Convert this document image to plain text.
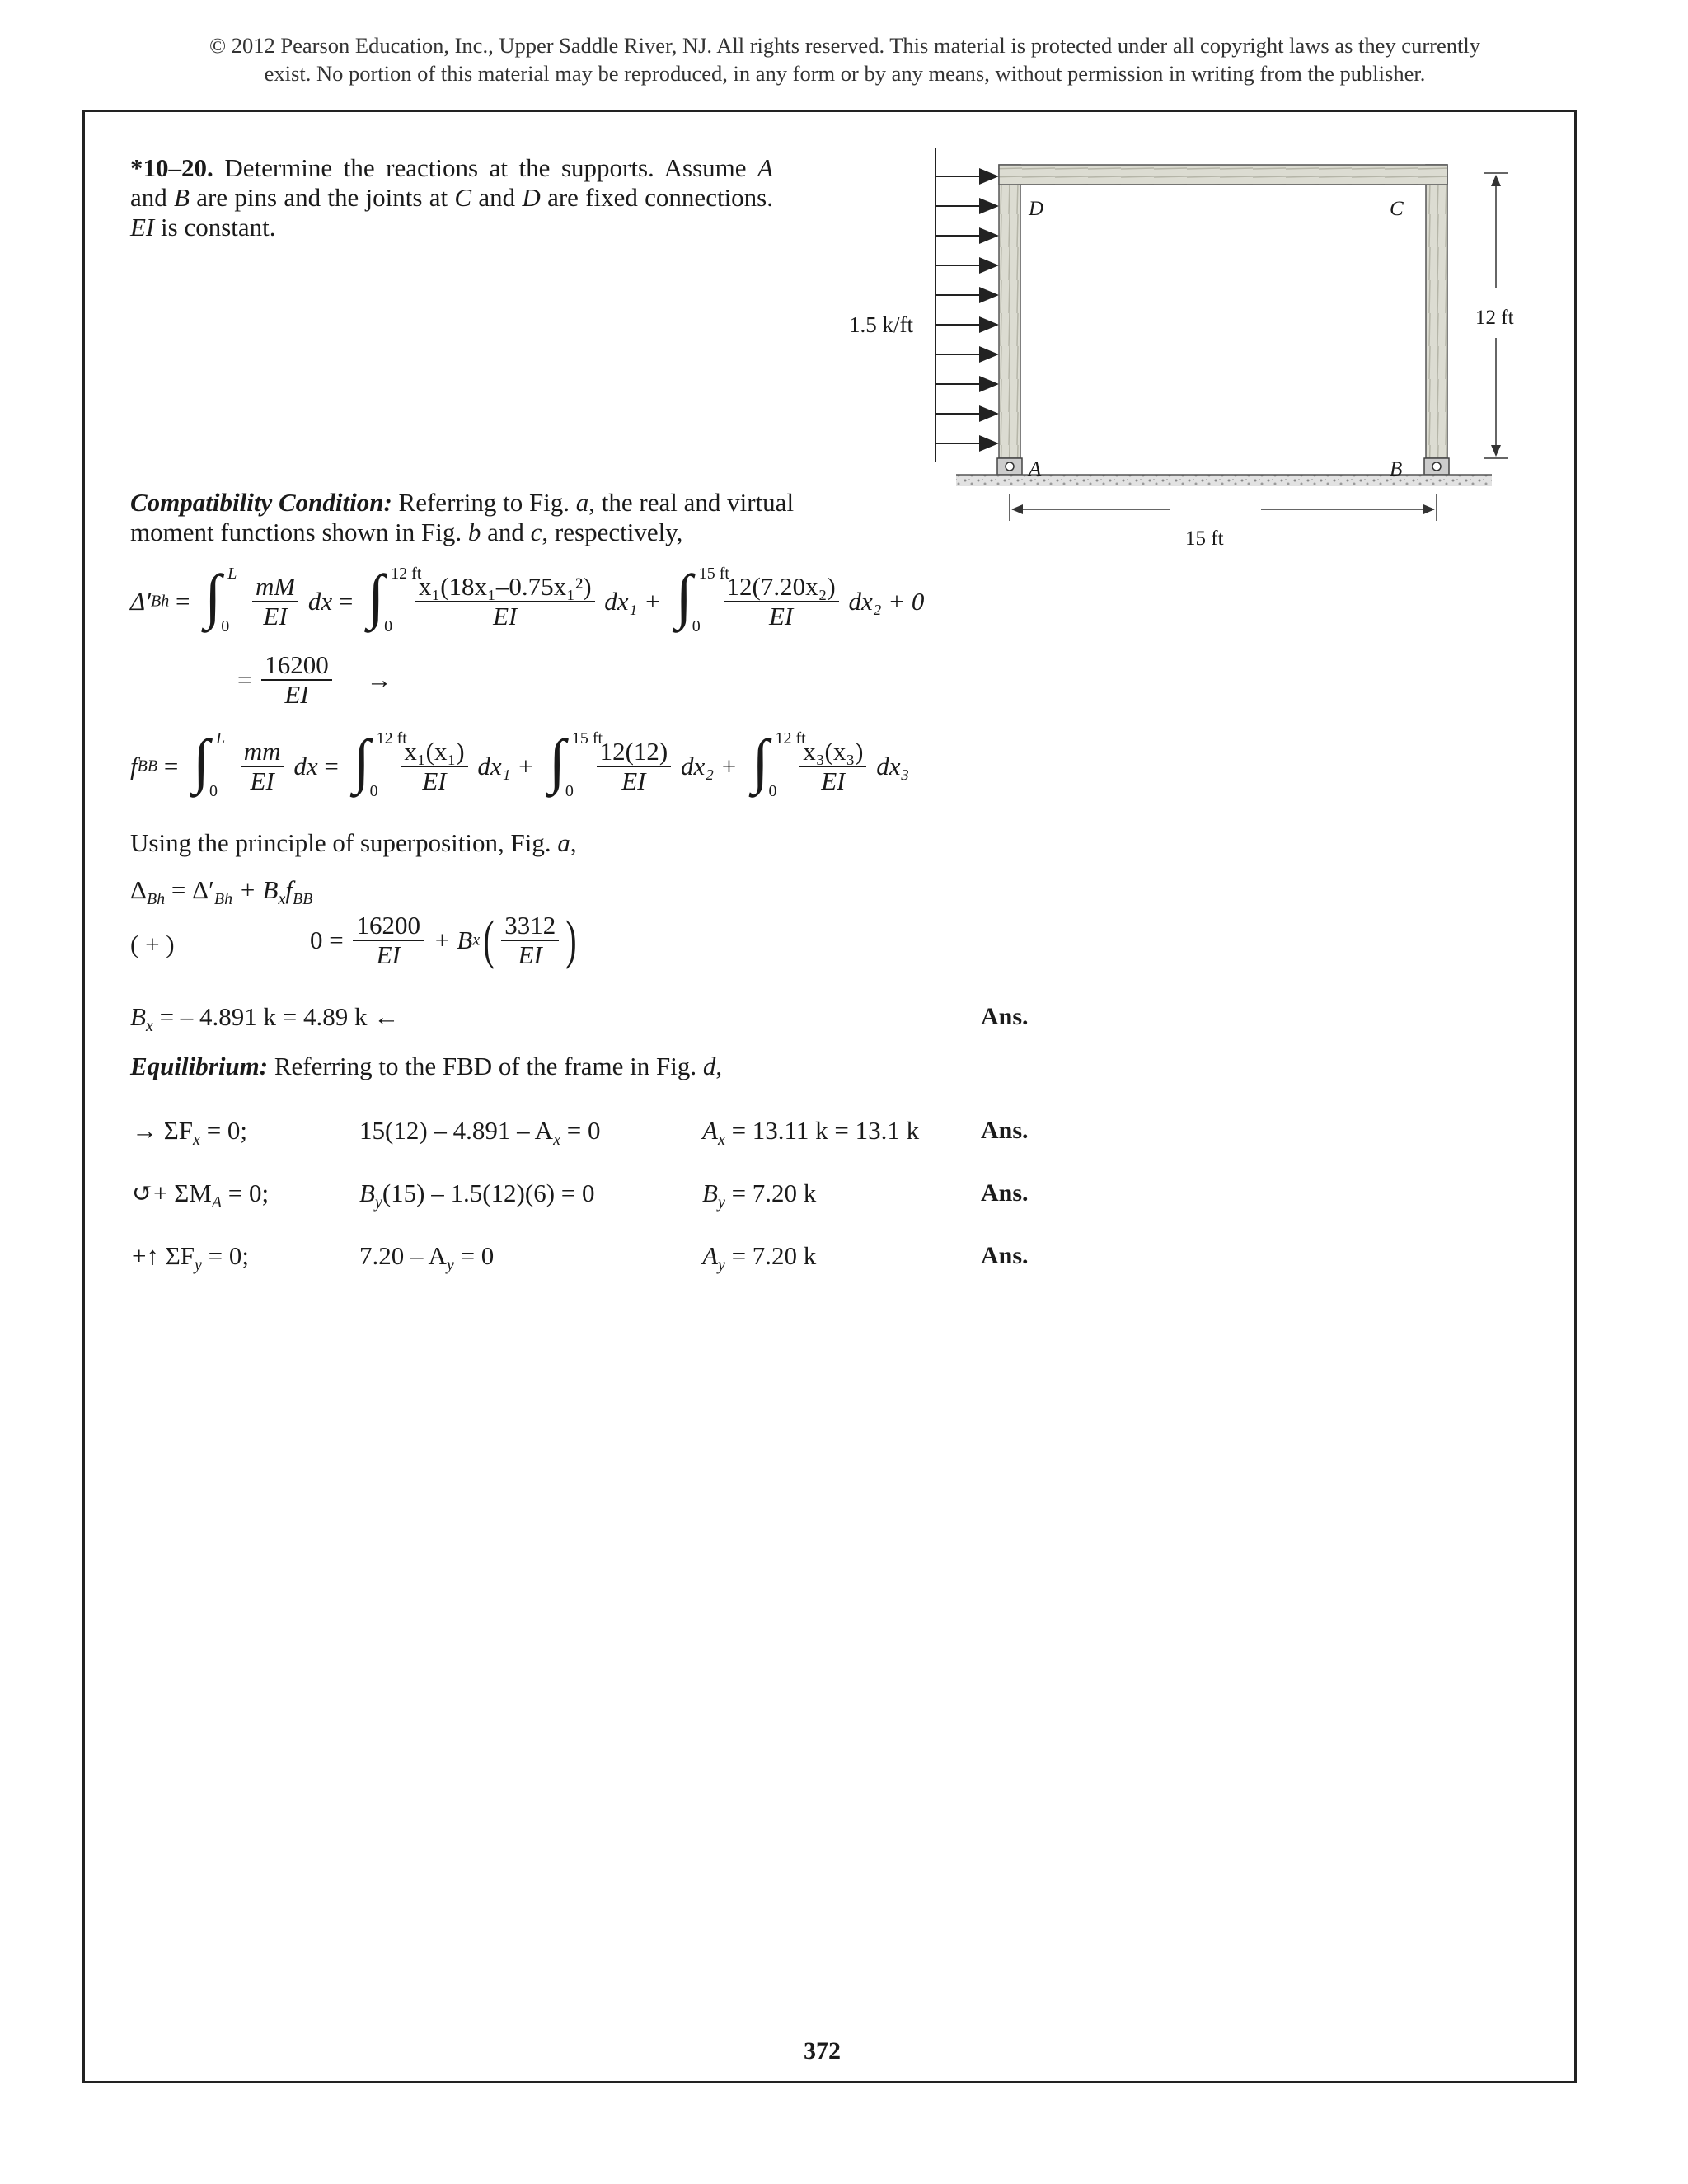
© 2012 Pearson Education, Inc., Upper Saddle River, NJ. All rights reserved. This material is protected under all copyright laws as they currently
exist. No portion of this material may be reproduced, in any form or by any means, without permission in writing from the publisher.
*10–20. Determine the reactions at the supports. Assume A and B are pins and the joints at C and D are fixed connections. EI is constant.
1.5 k/ft	12 ft
15 ft
D	C
A	B
Compatibility Condition: Referring to Fig. a, the real and virtual
moment functions shown in Fig. b and c, respectively,
Δ′Bh = ∫ L
0
$\frac{mM}{EI}$ dx = ∫ 12 ft
0
$\frac{\text{x₁(18x₁–0.75x₁²)}}{EI} dx_1$ + ∫ 15 ft
0
$\frac{\text{12(7.20x₂)}}{EI} dx_2 + 0$
= $\frac{16200}{EI}$ →
fBB = ∫ L
0
$\frac{mm}{EI}$ dx = ∫ 12 ft
0
$\frac{\text{x₁(x₁)}}{EI} dx_1$ + ∫ 15 ft
0
$\frac{12(12)}{EI} dx_2$ + ∫ 12 ft
0
$\frac{\text{x₃(x₃)}}{EI} dx_3$
Using the principle of superposition, Fig. a,
$\Delta_{Bh} = \Delta'_{Bh} + B_xf_{BB}$
( + )	$0 = \frac{16200}{EI} + Bx( \frac{3312}{EI}$ )
$B_x$ = – 4.891 k = 4.89 k ←	Ans.
Equilibrium: Referring to the FBD of the frame in Fig. d,
→ $\Sigma F_x = 0$;	$15(12) - 4.891 - A_x = 0$	$A_x = 13.11$ k = 13.1 k Ans.
↺+ $\Sigma M_A = 0$;	$B_y(15) - 1.5(12)(6) = 0$	$B_y = 7.20$ k	Ans.
+↑ $\Sigma F_y = 0$;	$7.20 - A_y = 0$	$A_y = 7.20$ k	Ans.
372
